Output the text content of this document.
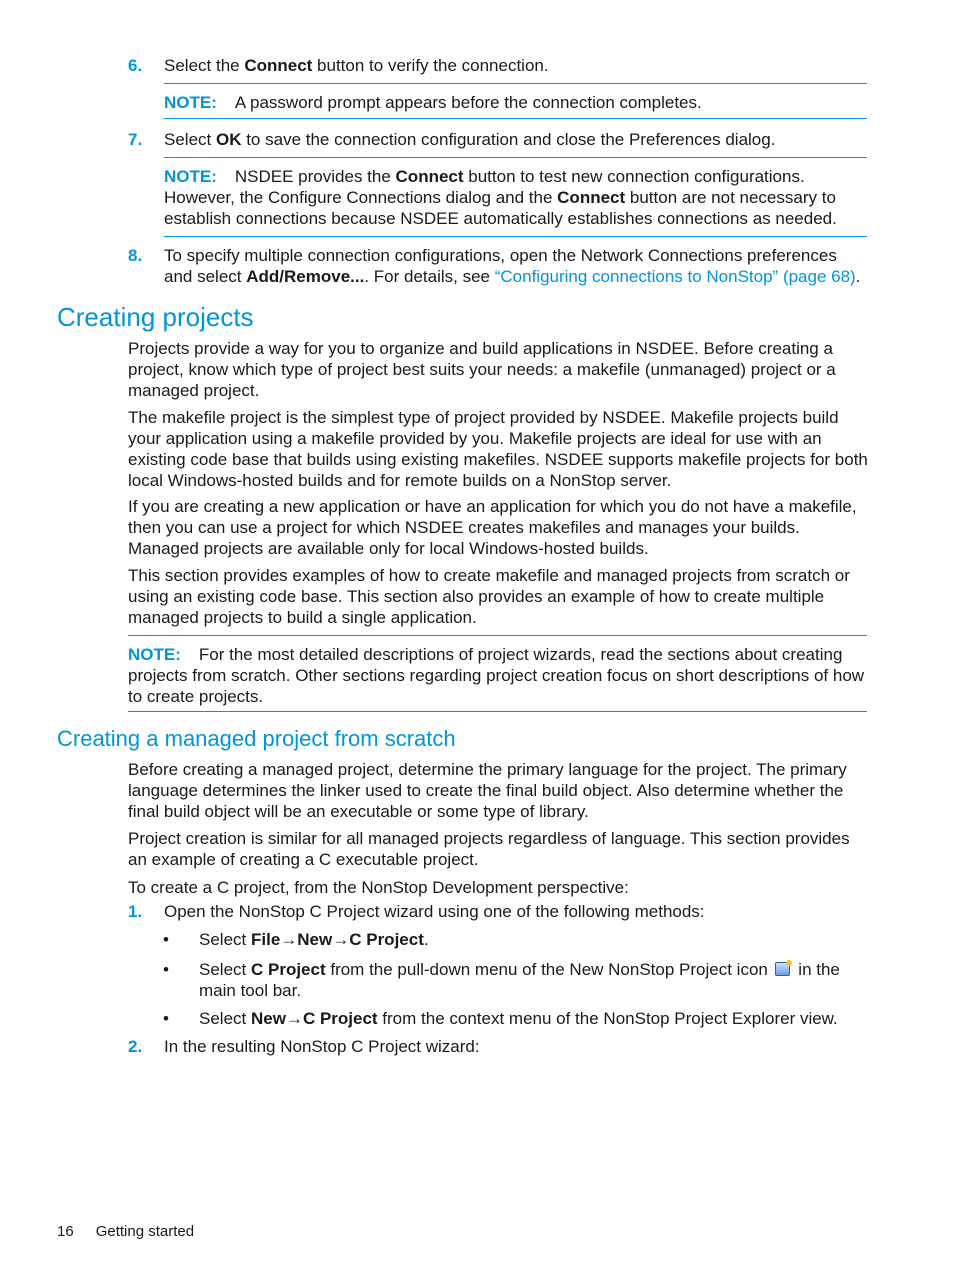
6. Select the Connect button to verify the connection.
NOTE: A password prompt appears before the connection completes.
7. Select OK to save the connection configuration and close the Preferences dialog.
NOTE: NSDEE provides the Connect button to test new connection configurations. However, the Configure Connections dialog and the Connect button are not necessary to establish connections because NSDEE automatically establishes connections as needed.
8. To specify multiple connection configurations, open the Network Connections preferences and select Add/Remove.... For details, see “Configuring connections to NonStop” (page 68).
Creating projects
Projects provide a way for you to organize and build applications in NSDEE. Before creating a project, know which type of project best suits your needs: a makefile (unmanaged) project or a managed project.
The makefile project is the simplest type of project provided by NSDEE. Makefile projects build your application using a makefile provided by you. Makefile projects are ideal for use with an existing code base that builds using existing makefiles. NSDEE supports makefile projects for both local Windows-hosted builds and for remote builds on a NonStop server.
If you are creating a new application or have an application for which you do not have a makefile, then you can use a project for which NSDEE creates makefiles and manages your builds. Managed projects are available only for local Windows-hosted builds.
This section provides examples of how to create makefile and managed projects from scratch or using an existing code base. This section also provides an example of how to create multiple managed projects to build a single application.
NOTE: For the most detailed descriptions of project wizards, read the sections about creating projects from scratch. Other sections regarding project creation focus on short descriptions of how to create projects.
Creating a managed project from scratch
Before creating a managed project, determine the primary language for the project. The primary language determines the linker used to create the final build object. Also determine whether the final build object will be an executable or some type of library.
Project creation is similar for all managed projects regardless of language. This section provides an example of creating a C executable project.
To create a C project, from the NonStop Development perspective:
1. Open the NonStop C Project wizard using one of the following methods:
• Select File→New→C Project.
• Select C Project from the pull-down menu of the New NonStop Project icon  in the main tool bar.
• Select New→C Project from the context menu of the NonStop Project Explorer view.
2. In the resulting NonStop C Project wizard:
16 Getting started
